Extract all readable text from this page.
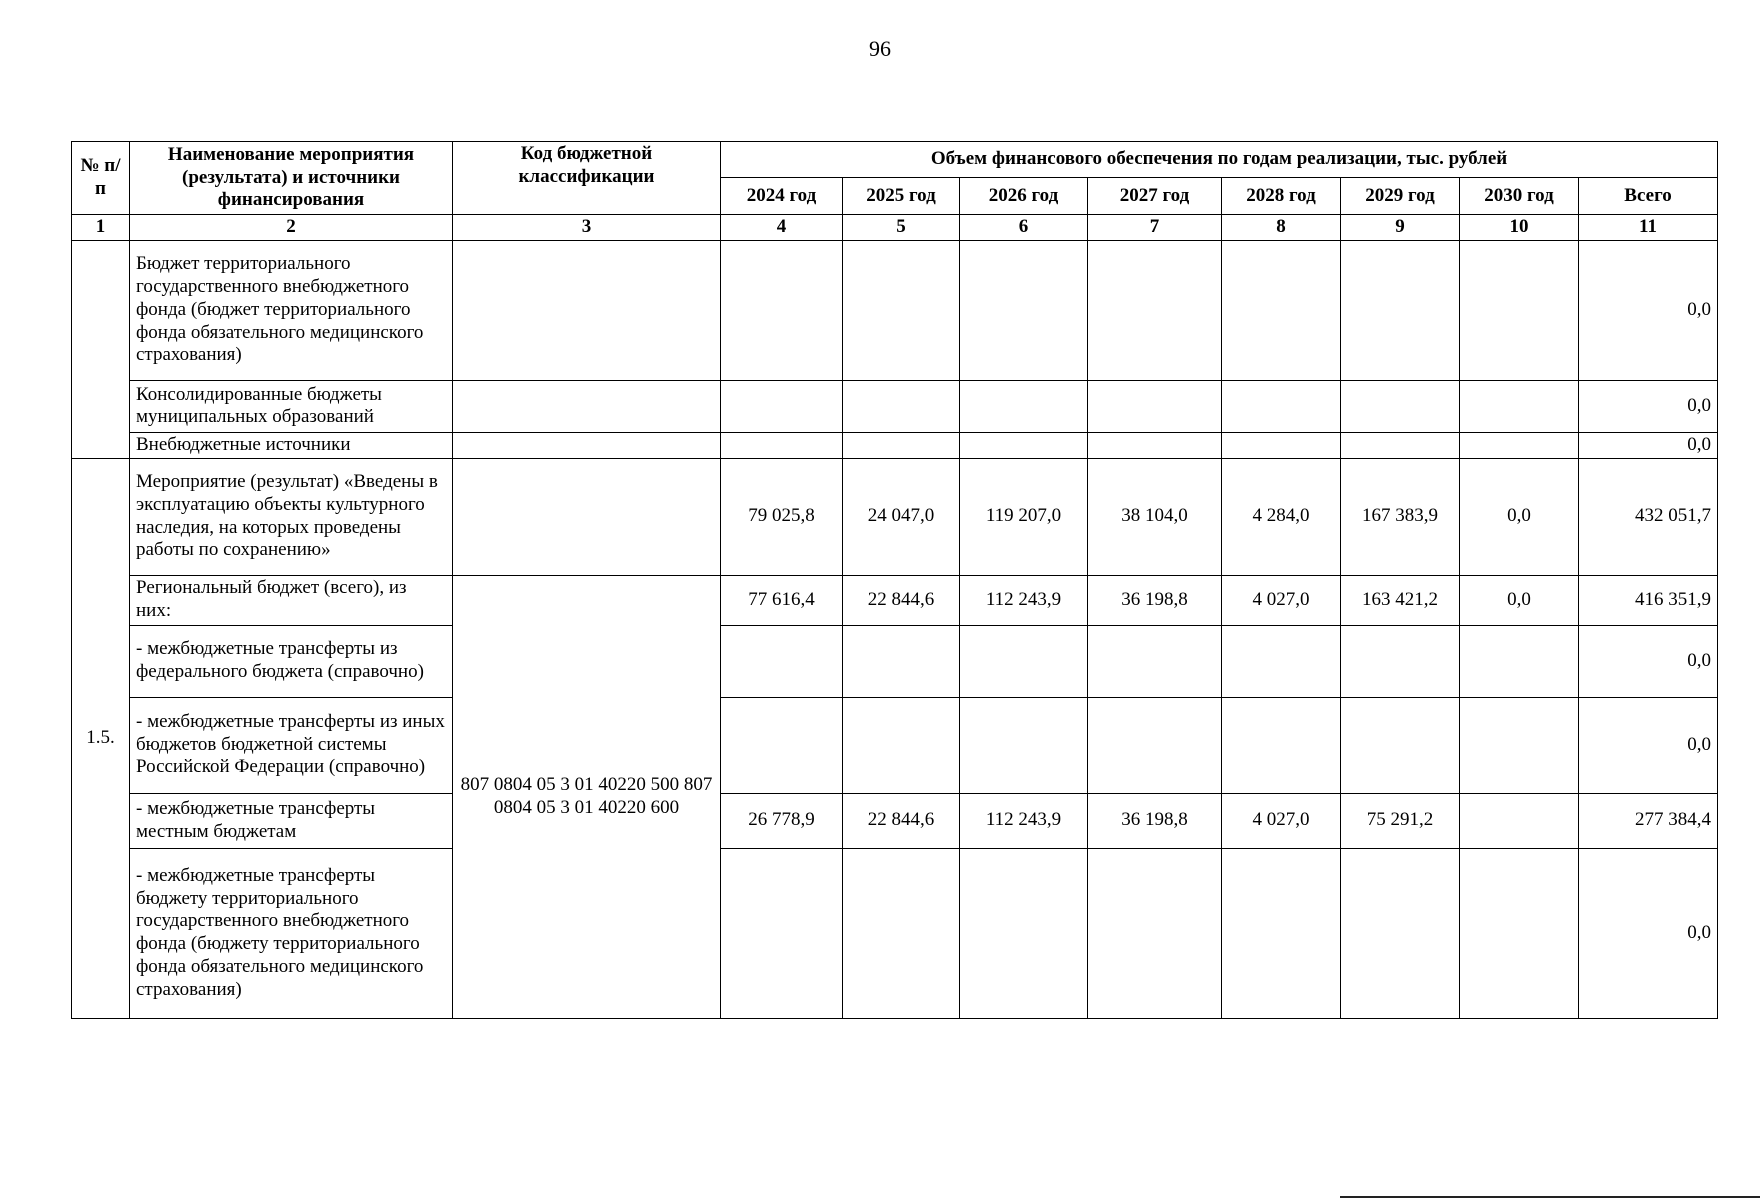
96
№ п/п	Наименование мероприятия (результата) и источники финансирования	Код бюджетной классификации	Объем финансового обеспечения по годам реализации, тыс. рублей							
			2024 год	2025 год	2026 год	2027 год	2028 год	2029 год	2030 год	Всего
1	2	3	4	5	6	7	8	9	10	11
	Бюджет территориального государственного внебюджетного фонда (бюджет территориального фонда обязательного медицинского страхования)									0,0
	Консолидированные бюджеты муниципальных образований									0,0
	Внебюджетные источники									0,0
1.5.	Мероприятие (результат) «Введены в эксплуатацию объекты культурного наследия, на которых проведены работы по сохранению»		79 025,8	24 047,0	119 207,0	38 104,0	4 284,0	167 383,9	0,0	432 051,7
	Региональный бюджет (всего), из них:	807 0804 05 3 01 40220 500 807 0804 05 3 01 40220 600	77 616,4	22 844,6	112 243,9	36 198,8	4 027,0	163 421,2	0,0	416 351,9
	- межбюджетные трансферты из федерального бюджета (справочно)									0,0
	- межбюджетные трансферты из иных бюджетов бюджетной системы Российской Федерации (справочно)									0,0
	- межбюджетные трансферты местным бюджетам		26 778,9	22 844,6	112 243,9	36 198,8	4 027,0	75 291,2		277 384,4
	- межбюджетные трансферты бюджету территориального государственного внебюджетного фонда (бюджету территориального фонда обязательного медицинского страхования)									0,0
